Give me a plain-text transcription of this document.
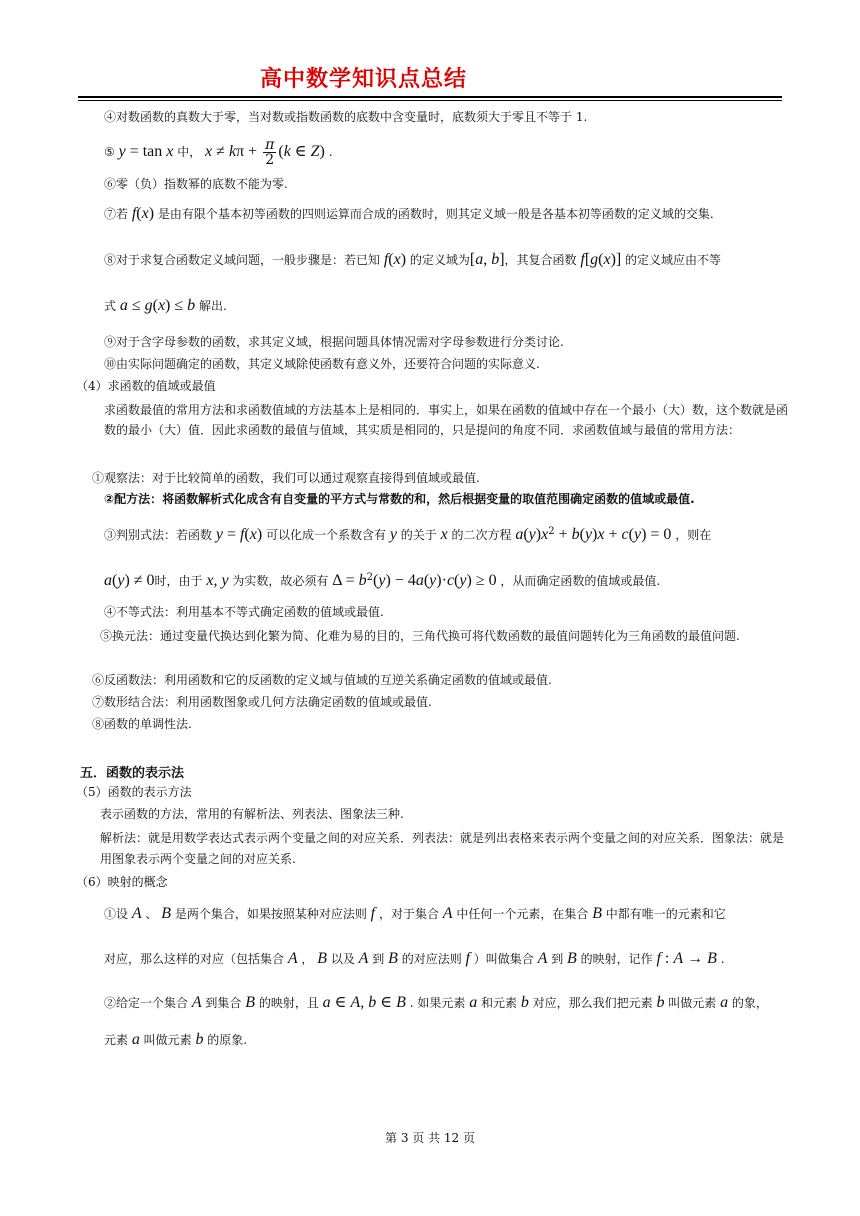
高中数学知识点总结
④对数函数的真数大于零，当对数或指数函数的底数中含变量时，底数须大于零且不等于 1.
⑤ y = tan x 中， $x \ne k\pi + \frac{\pi}{2} (k$ ∈ Z) .
⑥零（负）指数幂的底数不能为零.
⑦若 f(x) 是由有限个基本初等函数的四则运算而合成的函数时，则其定义域一般是各基本初等函数的定义域的交集.
⑧对于求复合函数定义域问题，一般步骤是：若已知 f(x) 的定义域为[a, b]，其复合函数 f[g(x)] 的定义域应由不等
式 a ≤ g(x) ≤ b 解出.
⑨对于含字母参数的函数，求其定义域，根据问题具体情况需对字母参数进行分类讨论.
⑩由实际问题确定的函数，其定义域除使函数有意义外，还要符合问题的实际意义.
（4）求函数的值域或最值
求函数最值的常用方法和求函数值域的方法基本上是相同的．事实上，如果在函数的值域中存在一个最小（大）数，这个数就是函数的最小（大）值．因此求函数的最值与值域，其实质是相同的，只是提问的角度不同．求函数值域与最值的常用方法：
①观察法：对于比较简单的函数，我们可以通过观察直接得到值域或最值.
②配方法：将函数解析式化成含有自变量的平方式与常数的和，然后根据变量的取值范围确定函数的值域或最值.
③判别式法：若函数 y = f(x) 可以化成一个系数含有 y 的关于 x 的二次方程 $a(y)x^2 + b(y)x + c(y) = 0$ ，则在
a(y) ≠ 0时，由于 x, y 为实数，故必须有 $\Delta = b^2(y) - 4a(y)\cdot c(y) \ge 0$ ，从而确定函数的值域或最值.
④不等式法：利用基本不等式确定函数的值域或最值.
⑤换元法：通过变量代换达到化繁为简、化难为易的目的，三角代换可将代数函数的最值问题转化为三角函数的最值问题.
⑥反函数法：利用函数和它的反函数的定义域与值域的互逆关系确定函数的值域或最值.
⑦数形结合法：利用函数图象或几何方法确定函数的值域或最值.
⑧函数的单调性法.
五．函数的表示法
（5）函数的表示方法
表示函数的方法，常用的有解析法、列表法、图象法三种.
解析法：就是用数学表达式表示两个变量之间的对应关系．列表法：就是列出表格来表示两个变量之间的对应关系．图象法：就是用图象表示两个变量之间的对应关系.
（6）映射的概念
①设 A 、 B 是两个集合，如果按照某种对应法则 f ，对于集合 A 中任何一个元素，在集合 B 中都有唯一的元素和它
对应，那么这样的对应（包括集合 A ， B 以及 A 到 B 的对应法则 f ）叫做集合 A 到 B 的映射，记作 f : A → B .
②给定一个集合 A 到集合 B 的映射，且 a ∈ A, b ∈ B . 如果元素 a 和元素 b 对应，那么我们把元素 b 叫做元素 a 的象，
元素 a 叫做元素 b 的原象.
第 3 页 共 12 页
